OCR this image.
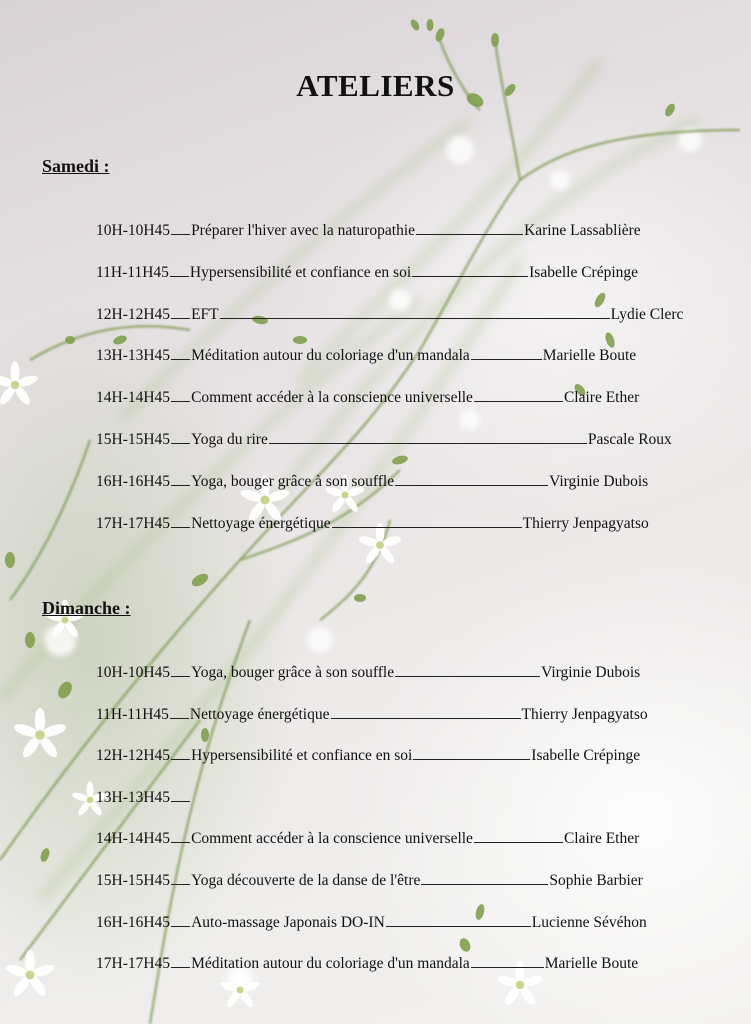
ATELIERS
Samedi :
10H-10H45 Préparer l'hiver avec la naturopathie	Karine Lassablière
11H-11H45 Hypersensibilité et confiance en soi	Isabelle Crépinge
12H-12H45 EFT	Lydie Clerc
13H-13H45 Méditation autour du coloriage d'un mandala	Marielle Boute
14H-14H45 Comment accéder à la conscience universelle	Claire Ether
15H-15H45 Yoga du rire	Pascale Roux
16H-16H45 Yoga, bouger grâce à son souffle	Virginie Dubois
17H-17H45 Nettoyage énergétique	Thierry Jenpagyatso
Dimanche :
10H-10H45 Yoga, bouger grâce à son souffle	Virginie Dubois
11H-11H45 Nettoyage énergétique	Thierry Jenpagyatso
12H-12H45 Hypersensibilité et confiance en soi	Isabelle Crépinge
13H-13H45
14H-14H45 Comment accéder à la conscience universelle	Claire Ether
15H-15H45 Yoga découverte de la danse de l'être	Sophie Barbier
16H-16H45 Auto-massage Japonais DO-IN	Lucienne Sévéhon
17H-17H45 Méditation autour du coloriage d'un mandala	Marielle Boute
